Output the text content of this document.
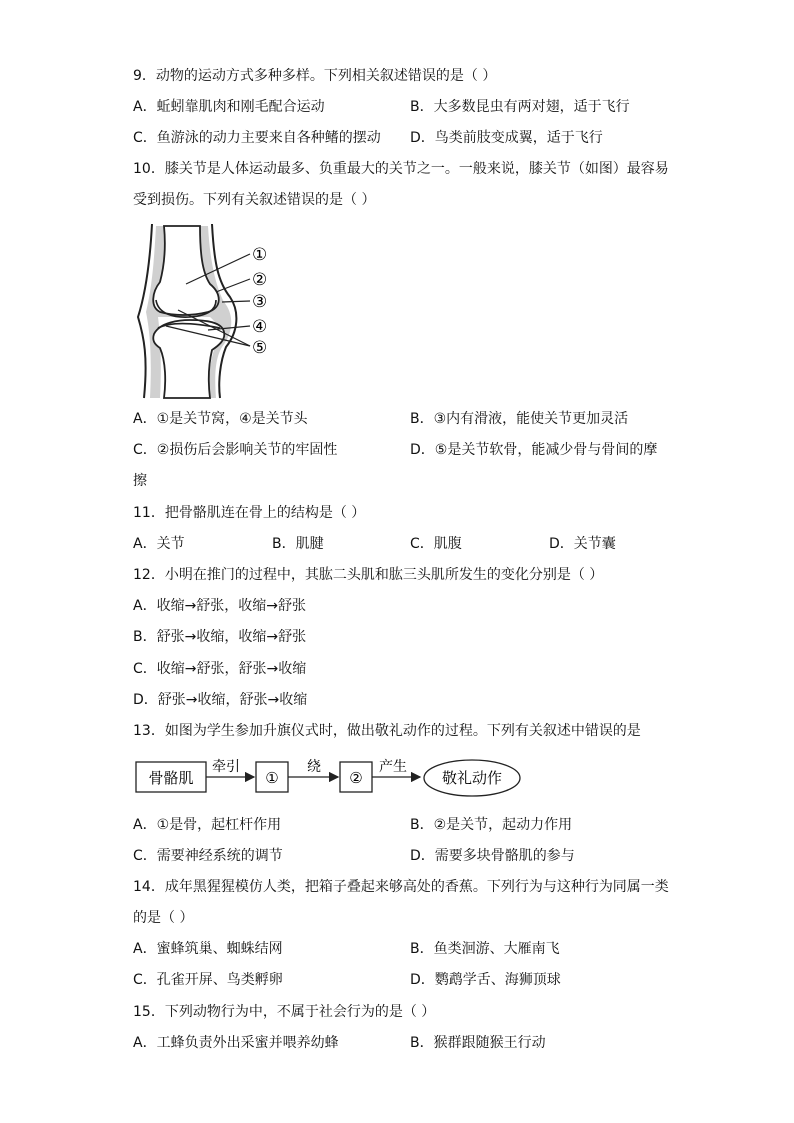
9．动物的运动方式多种多样。下列相关叙述错误的是（ ）
A．蚯蚓靠肌肉和刚毛配合运动	B．大多数昆虫有两对翅，适于飞行
C．鱼游泳的动力主要来自各种鳍的摆动 D．鸟类前肢变成翼，适于飞行
10．膝关节是人体运动最多、负重最大的关节之一。一般来说，膝关节（如图）最容易
受到损伤。下列有关叙述错误的是（ ）
①
②
③
④
⑤
A．①是关节窝，④是关节头	B．③内有滑液，能使关节更加灵活
C．②损伤后会影响关节的牢固性	D．⑤是关节软骨，能减少骨与骨间的摩
擦
11．把骨骼肌连在骨上的结构是（ ）
A．关节	B．肌腱	C．肌腹	D．关节囊
12．小明在推门的过程中，其肱二头肌和肱三头肌所发生的变化分别是（ ）
A．收缩→舒张，收缩→舒张
B．舒张→收缩，收缩→舒张
C．收缩→舒张，舒张→收缩
D．舒张→收缩，舒张→收缩
13．如图为学生参加升旗仪式时，做出敬礼动作的过程。下列有关叙述中错误的是
骨骼肌
牵引
①
绕
②
产生
敬礼动作
A．①是骨，起杠杆作用	B．②是关节，起动力作用
C．需要神经系统的调节	D．需要多块骨骼肌的参与
14．成年黑猩猩模仿人类，把箱子叠起来够高处的香蕉。下列行为与这种行为同属一类
的是（ ）
A．蜜蜂筑巢、蜘蛛结网	B．鱼类洄游、大雁南飞
C．孔雀开屏、鸟类孵卵	D．鹦鹉学舌、海狮顶球
15．下列动物行为中，不属于社会行为的是（ ）
A．工蜂负责外出采蜜并喂养幼蜂	B．猴群跟随猴王行动
